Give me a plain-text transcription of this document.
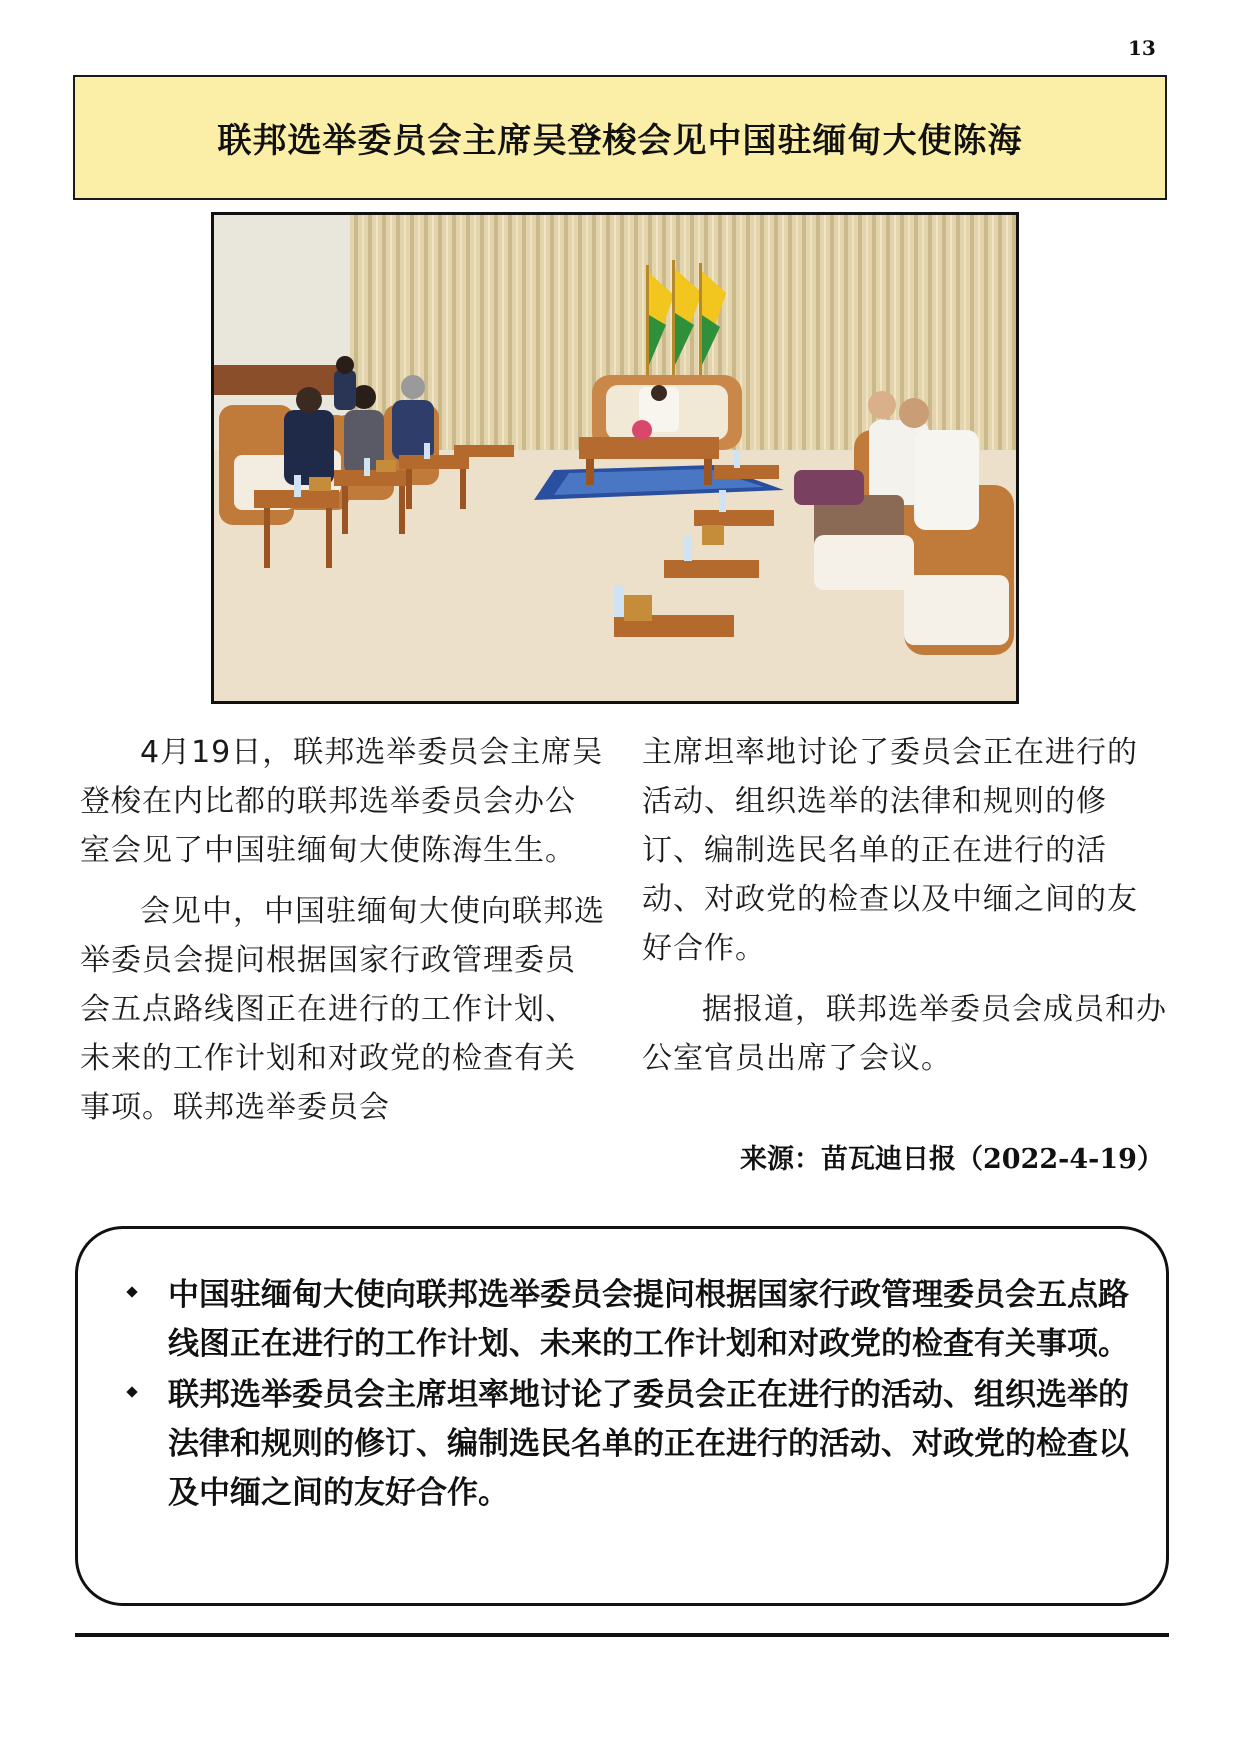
13
联邦选举委员会主席吴登梭会见中国驻缅甸大使陈海

4月19日，联邦选举委员会主席吴登梭在内比都的联邦选举委员会办公室会见了中国驻缅甸大使陈海生生。

会见中，中国驻缅甸大使向联邦选举委员会提问根据国家行政管理委员会五点路线图正在进行的工作计划、未来的工作计划和对政党的检查有关事项。联邦选举委员会

主席坦率地讨论了委员会正在进行的活动、组织选举的法律和规则的修订、编制选民名单的正在进行的活动、对政党的检查以及中缅之间的友好合作。

据报道，联邦选举委员会成员和办公室官员出席了会议。

来源：苗瓦迪日报（2022-4-19）
中国驻缅甸大使向联邦选举委员会提问根据国家行政管理委员会五点路线图正在进行的工作计划、未来的工作计划和对政党的检查有关事项。
联邦选举委员会主席坦率地讨论了委员会正在进行的活动、组织选举的法律和规则的修订、编制选民名单的正在进行的活动、对政党的检查以及中缅之间的友好合作。
